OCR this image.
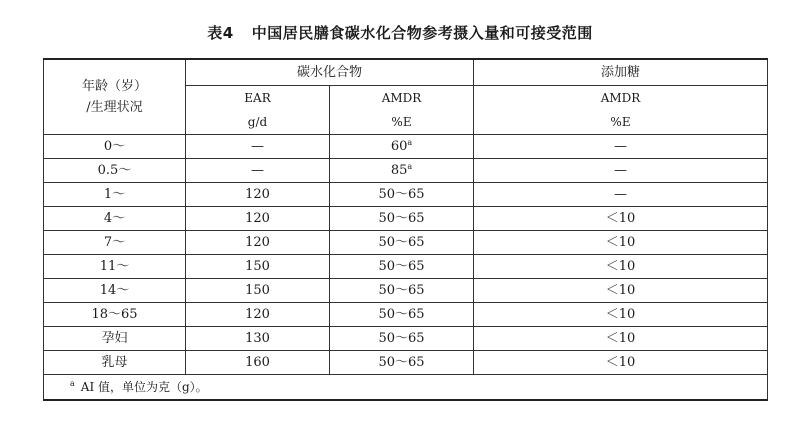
表4 中国居民膳食碳水化合物参考摄入量和可接受范围
年龄（岁）
/生理状况	碳水化合物		添加糖
	EAR	AMDR	AMDR
	g/d	%E	%E
0～	—	60$^a$	—
0.5～	—	85$^a$	—
1～	120	50～65	—
4～	120	50～65	＜10
7～	120	50～65	＜10
11～	150	50～65	＜10
14～	150	50～65	＜10
18～65	120	50～65	＜10
孕妇	130	50～65	＜10
乳母	160	50～65	＜10
$^a$ AI 值，单位为克（g）。			
